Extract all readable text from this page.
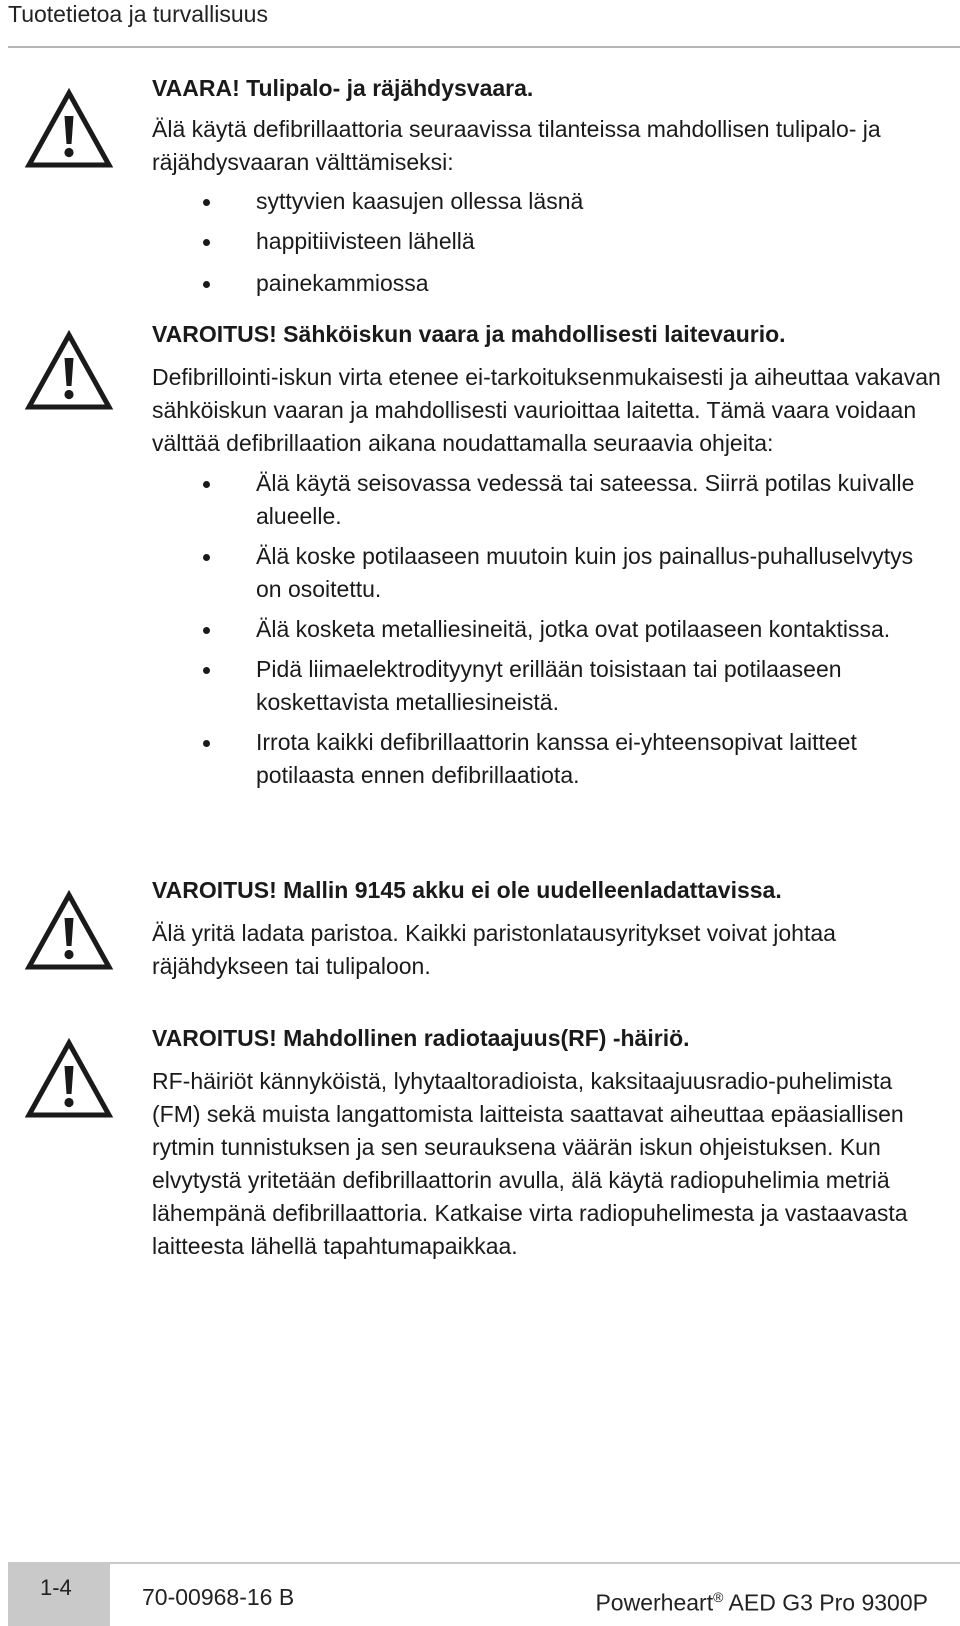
Tuotetietoa ja turvallisuus

VAARA! Tulipalo- ja räjähdysvaara.

Älä käytä defibrillaattoria seuraavissa tilanteissa mahdollisen tulipalo- ja räjähdysvaaran välttämiseksi:

syttyvien kaasujen ollessa läsnä
happitiivisteen lähellä
painekammiossa

VAROITUS! Sähköiskun vaara ja mahdollisesti laitevaurio.

Defibrillointi-iskun virta etenee ei-tarkoituksenmukaisesti ja aiheuttaa vakavan sähköiskun vaaran ja mahdollisesti vaurioittaa laitetta. Tämä vaara voidaan välttää defibrillaation aikana noudattamalla seuraavia ohjeita:

Älä käytä seisovassa vedessä tai sateessa. Siirrä potilas kuivalle alueelle.
Älä koske potilaaseen muutoin kuin jos painallus-puhalluselvytys on osoitettu.
Älä kosketa metalliesineitä, jotka ovat potilaaseen kontaktissa.
Pidä liimaelektrodityynyt erillään toisistaan tai potilaaseen koskettavista metalliesineistä.
Irrota kaikki defibrillaattorin kanssa ei-yhteensopivat laitteet potilaasta ennen defibrillaatiota.

VAROITUS! Mallin 9145 akku ei ole uudelleenladattavissa.

Älä yritä ladata paristoa. Kaikki paristonlatausyritykset voivat johtaa räjähdykseen tai tulipaloon.

VAROITUS! Mahdollinen radiotaajuus(RF) -häiriö.

RF-häiriöt kännyköistä, lyhytaaltoradioista, kaksitaajuusradio-puhelimista (FM) sekä muista langattomista laitteista saattavat aiheuttaa epäasiallisen rytmin tunnistuksen ja sen seurauksena väärän iskun ohjeistuksen. Kun elvytystä yritetään defibrillaattorin avulla, älä käytä radiopuhelimia metriä lähempänä defibrillaattoria. Katkaise virta radiopuhelimesta ja vastaavasta laitteesta lähellä tapahtumapaikkaa.

1-4	70-00968-16 B	Powerheart® AED G3 Pro 9300P
